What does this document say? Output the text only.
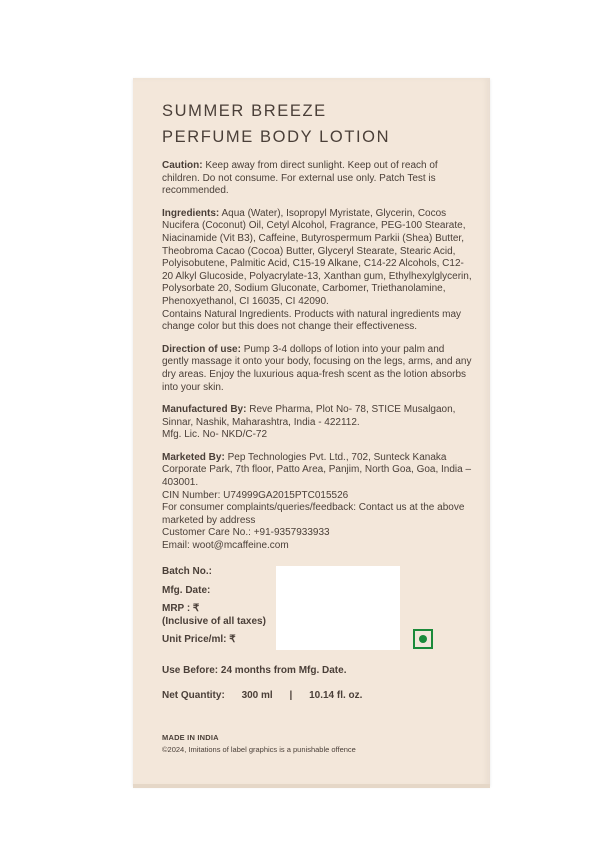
SUMMER BREEZE
PERFUME BODY LOTION

Caution: Keep away from direct sunlight. Keep out of reach of children. Do not consume. For external use only. Patch Test is recommended.

Ingredients: Aqua (Water), Isopropyl Myristate, Glycerin, Cocos Nucifera (Coconut) Oil, Cetyl Alcohol, Fragrance, PEG-100 Stearate, Niacinamide (Vit B3), Caffeine, Butyrospermum Parkii (Shea) Butter, Theobroma Cacao (Cocoa) Butter, Glyceryl Stearate, Stearic Acid, Polyisobutene, Palmitic Acid, C15-19 Alkane, C14-22 Alcohols, C12-20 Alkyl Glucoside, Polyacrylate-13, Xanthan gum, Ethylhexylglycerin, Polysorbate 20, Sodium Gluconate, Carbomer, Triethanolamine, Phenoxyethanol, CI 16035, CI 42090.

Contains Natural Ingredients. Products with natural ingredients may change color but this does not change their effectiveness.

Direction of use: Pump 3-4 dollops of lotion into your palm and gently massage it onto your body, focusing on the legs, arms, and any dry areas. Enjoy the luxurious aqua-fresh scent as the lotion absorbs into your skin.

Manufactured By: Reve Pharma, Plot No- 78, STICE Musalgaon, Sinnar, Nashik, Maharashtra, India - 422112.

Mfg. Lic. No- NKD/C-72

Marketed By: Pep Technologies Pvt. Ltd., 702, Sunteck Kanaka Corporate Park, 7th floor, Patto Area, Panjim, North Goa, Goa, India – 403001.

CIN Number: U74999GA2015PTC015526

For consumer complaints/queries/feedback: Contact us at the above marketed by address

Customer Care No.: +91-9357933933

Email: woot@mcaffeine.com

Batch No.:

Mfg. Date:

MRP : ₹

(Inclusive of all taxes)

Unit Price/ml: ₹

Use Before: 24 months from Mfg. Date.
Net Quantity: 300 ml | 10.14 fl. oz.
MADE IN INDIA
©2024, Imitations of label graphics is a punishable offence
